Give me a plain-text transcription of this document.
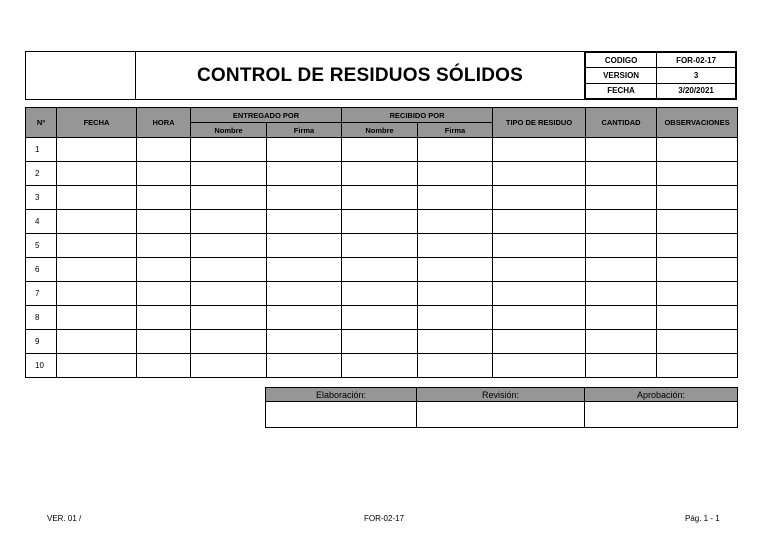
CONTROL DE RESIDUOS SÓLIDOS
CODIGO	FOR-02-17
VERSION	3
FECHA	3/20/2021
Nº	FECHA	HORA	ENTREGADO POR		RECIBIDO POR		TIPO DE RESIDUO	CANTIDAD	OBSERVACIONES
			Nombre	Firma	Nombre	Firma			
1									
2									
3									
4									
5									
6									
7									
8									
9									
10									
Elaboración:	Revisión:	Aprobación:

VER. 01 /	FOR-02-17	Pág. 1 - 1
